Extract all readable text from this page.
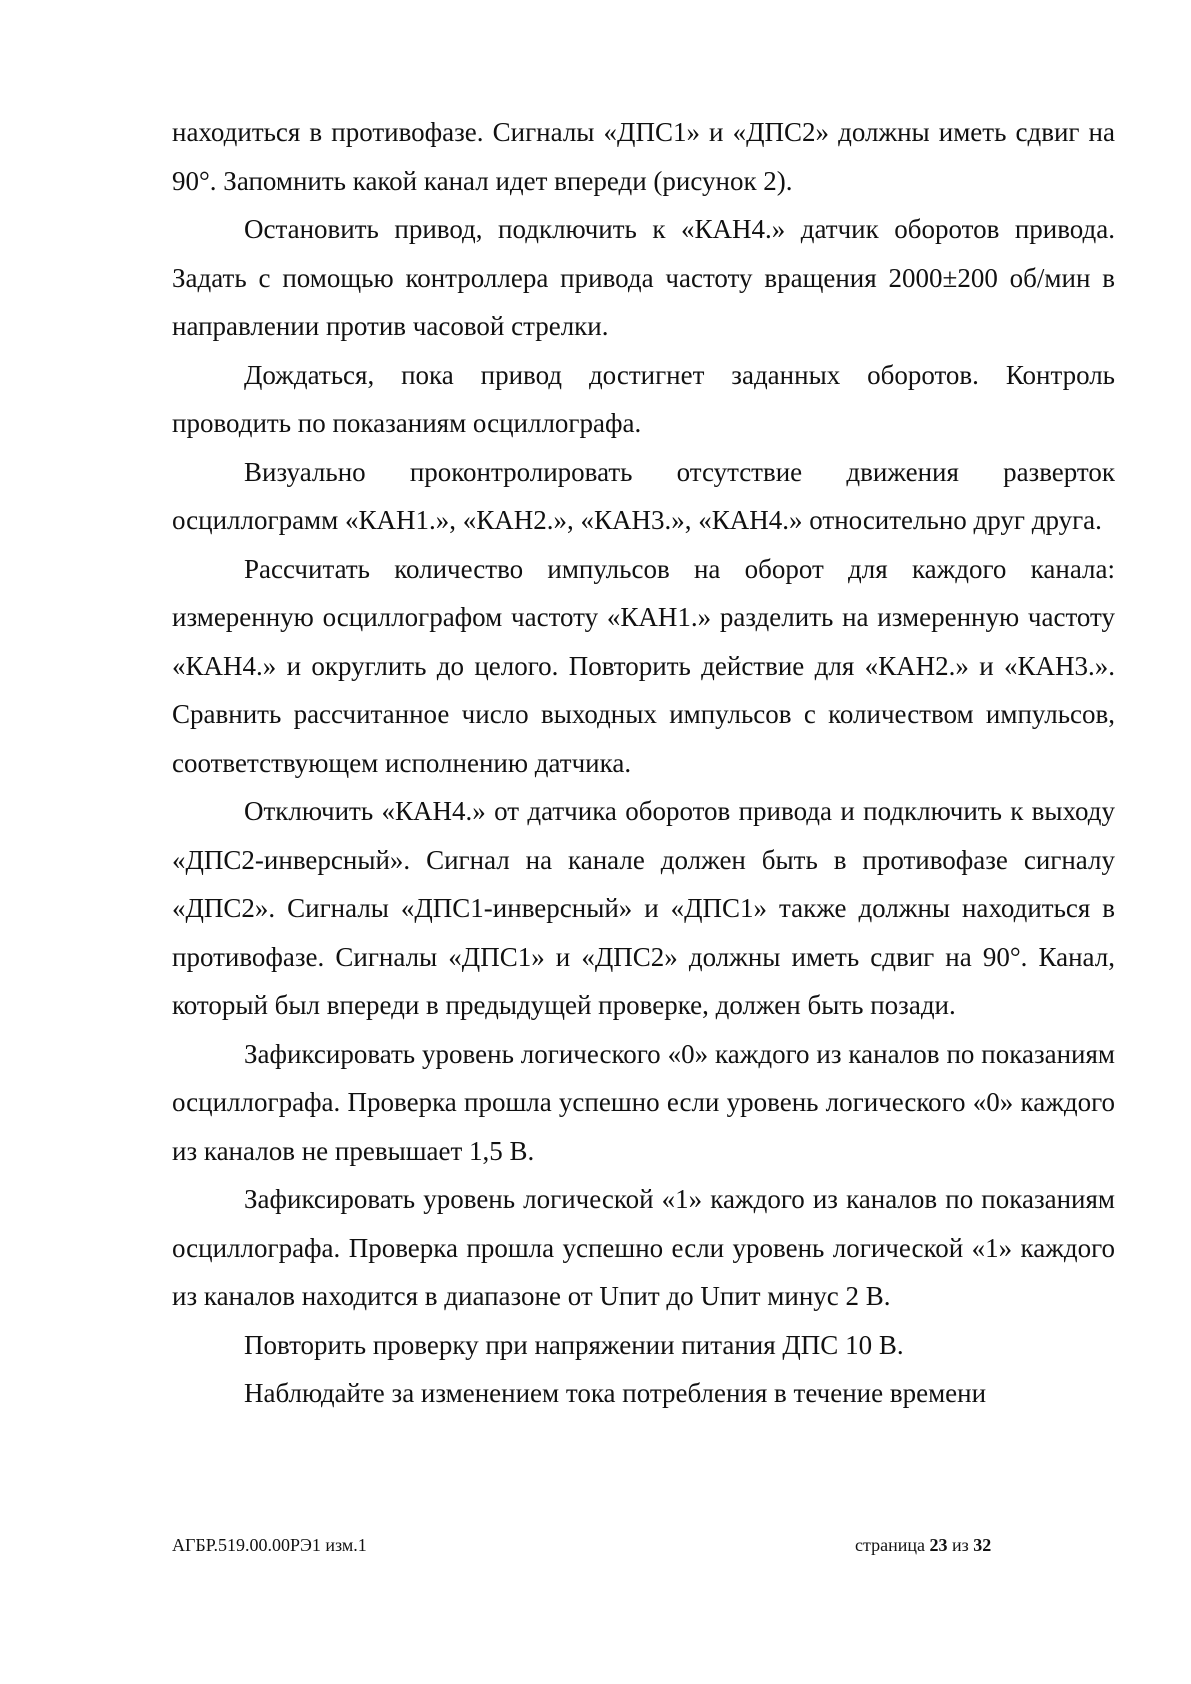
находиться в противофазе. Сигналы «ДПС1» и «ДПС2» должны иметь сдвиг на 90°. Запомнить какой канал идет впереди (рисунок 2).

Остановить привод, подключить к «КАН4.» датчик оборотов привода. Задать с помощью контроллера привода частоту вращения 2000±200 об/мин в направлении против часовой стрелки.

Дождаться, пока привод достигнет заданных оборотов. Контроль проводить по показаниям осциллографа.

Визуально проконтролировать отсутствие движения разверток осциллограмм «КАН1.», «КАН2.», «КАН3.», «КАН4.» относительно друг друга.

Рассчитать количество импульсов на оборот для каждого канала: измеренную осциллографом частоту «КАН1.» разделить на измеренную частоту «КАН4.» и округлить до целого. Повторить действие для «КАН2.» и «КАН3.». Сравнить рассчитанное число выходных импульсов с количеством импульсов, соответствующем исполнению датчика.

Отключить «КАН4.» от датчика оборотов привода и подключить к выходу «ДПС2-инверсный». Сигнал на канале должен быть в противофазе сигналу «ДПС2». Сигналы «ДПС1-инверсный» и «ДПС1» также должны находиться в противофазе. Сигналы «ДПС1» и «ДПС2» должны иметь сдвиг на 90°. Канал, который был впереди в предыдущей проверке, должен быть позади.

Зафиксировать уровень логического «0» каждого из каналов по показаниям осциллографа. Проверка прошла успешно если уровень логического «0» каждого из каналов не превышает 1,5 В.

Зафиксировать уровень логической «1» каждого из каналов по показаниям осциллографа. Проверка прошла успешно если уровень логической «1» каждого из каналов находится в диапазоне от Uпит до Uпит минус 2 В.

Повторить проверку при напряжении питания ДПС 10 В.

Наблюдайте за изменением тока потребления в течение времени

АГБР.519.00.00РЭ1 изм.1	страница 23 из 32
